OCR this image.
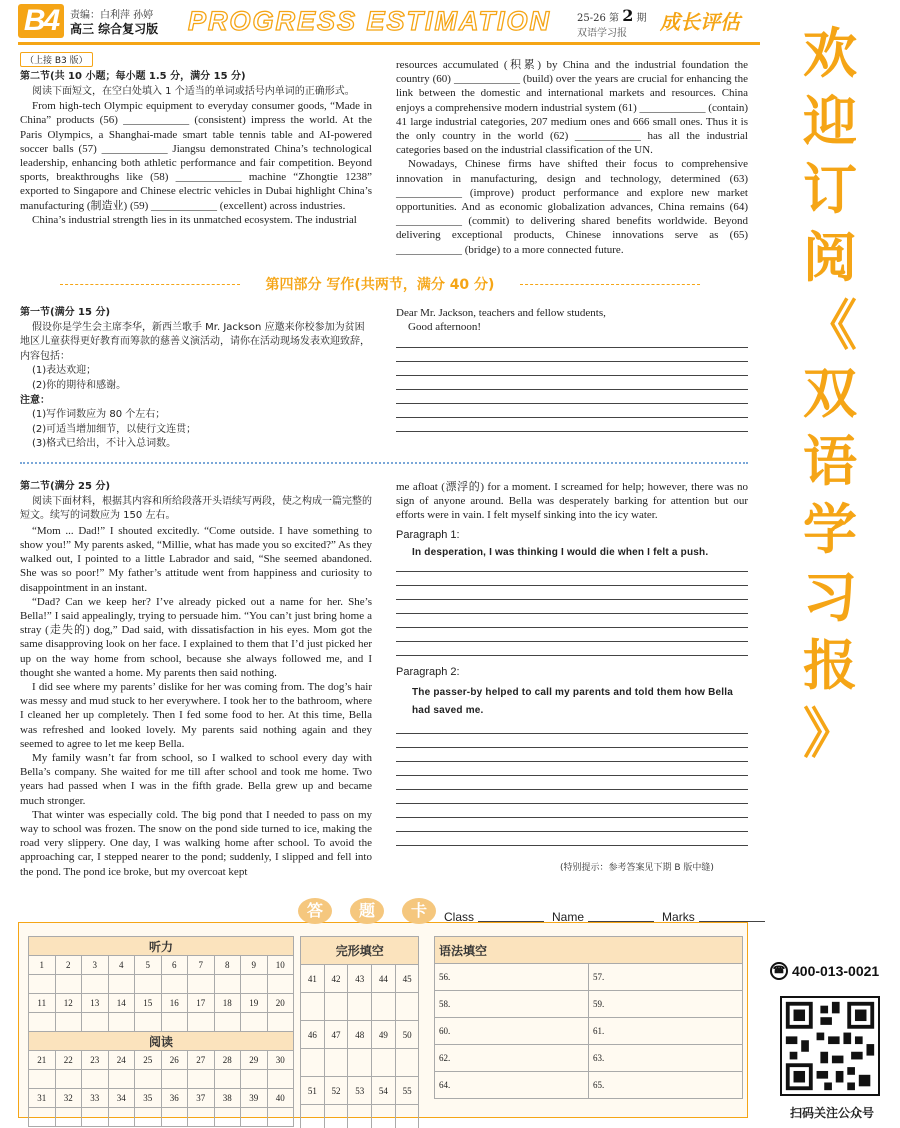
B4	责编：白利萍 孙婷
高三 综合复习版 PROGRESS ESTIMATION	25-26 第 2 期
双语学习报 成长评估 欢
迎
订
阅
《
双
语
学
习
报
》
☎ 400-013-0021
扫码关注公众号
（上接 B3 版）
第二节(共 10 小题；每小题 1.5 分，满分 15 分)
阅读下面短文，在空白处填入 1 个适当的单词或括号内单词的正确形式。
From high-tech Olympic equipment to everyday consumer goods, “Made in China” products (56) ____________ (consistent) impress the world. At the Paris Olympics, a Shanghai-made smart table tennis table and AI-powered soccer balls (57) ____________ Jiangsu demonstrated China’s technological leadership, enhancing both athletic performance and fair competition. Beyond sports, breakthroughs like (58) ____________ machine “Zhongtie 1238” exported to Singapore and Chinese electric vehicles in Dubai highlight China’s manufacturing (制造业) (59) ____________ (excellent) across industries.
China’s industrial strength lies in its unmatched ecosystem. The industrial
resources accumulated (积累) by China and the industrial foundation the country (60) ____________ (build) over the years are crucial for enhancing the link between the domestic and international markets and resources. China enjoys a comprehensive modern industrial system (61) ____________ (contain) 41 large industrial categories, 207 medium ones and 666 small ones. Thus it is the only country in the world (62) ____________ has all the industrial categories based on the industrial classification of the UN.
Nowadays, Chinese firms have shifted their focus to comprehensive innovation in manufacturing, design and technology, determined (63) ____________ (improve) product performance and explore new market opportunities. And as economic globalization advances, China remains (64) ____________ (commit) to delivering shared benefits worldwide. Beyond delivering exceptional products, Chinese innovations serve as (65) ____________ (bridge) to a more connected future.
第四部分 写作(共两节，满分 40 分)
第一节(满分 15 分)
假设你是学生会主席李华，新西兰歌手 Mr. Jackson 应邀来你校参加为贫困地区儿童获得更好教育而筹款的慈善义演活动，请你在活动现场发表欢迎致辞，内容包括：
(1)表达欢迎；
(2)你的期待和感谢。
注意：
(1)写作词数应为 80 个左右；
(2)可适当增加细节，以使行文连贯；
(3)格式已给出，不计入总词数。
Dear Mr. Jackson, teachers and fellow students,
Good afternoon!
第二节(满分 25 分)
阅读下面材料，根据其内容和所给段落开头语续写两段，使之构成一篇完整的短文。续写的词数应为 150 左右。
“Mom ... Dad!” I shouted excitedly. “Come outside. I have something to show you!” My parents asked, “Millie, what has made you so excited?” As they walked out, I pointed to a little Labrador and said, “She seemed abandoned. She was so poor!” My father’s attitude went from happiness and curiosity to disappointment in an instant.
“Dad? Can we keep her? I’ve already picked out a name for her. She’s Bella!” I said appealingly, trying to persuade him. “You can’t just bring home a stray (走失的) dog,” Dad said, with dissatisfaction in his eyes. Mom got the same disapproving look on her face. I explained to them that I’d just picked her up on the way home from school, because she always followed me, and I thought she wanted a home. My parents then said nothing.
I did see where my parents’ dislike for her was coming from. The dog’s hair was messy and mud stuck to her everywhere. I took her to the bathroom, where I cleaned her up completely. Then I fed some food to her. At this time, Bella was refreshed and looked lovely. My parents said nothing again and they seemed to agree to let me keep Bella.
My family wasn’t far from school, so I walked to school every day with Bella’s company. She waited for me till after school and took me home. Two years had passed when I was in the fifth grade. Bella grew up and became much stronger.
That winter was especially cold. The big pond that I needed to pass on my way to school was frozen. The snow on the pond side turned to ice, making the road very slippery. One day, I was walking home after school. To avoid the approaching car, I stepped nearer to the pond; suddenly, I slipped and fell into the pond. The pond ice broke, but my overcoat kept
me afloat (漂浮的) for a moment. I screamed for help; however, there was no sign of anyone around. Bella was desperately barking for attention but our efforts were in vain. I felt myself sinking into the icy water.
Paragraph 1:
In desperation, I was thinking I would die when I felt a push.
Paragraph 2:
The passer-by helped to call my parents and told them how Bella had saved me.
(特别提示：参考答案见下期 B 版中缝)
答	题	卡	Class	Name	Marks
听力									
1	2	3	4	5	6	7	8	9	10

11	12	13	14	15	16	17	18	19	20

阅读									
21	22	23	24	25	26	27	28	29	30

31	32	33	34	35	36	37	38	39	40

完形填空				
41	42	43	44	45

46	47	48	49	50

51	52	53	54	55

语法填空	
56.	57.
58.	59.
60.	61.
62.	63.
64.	65.
